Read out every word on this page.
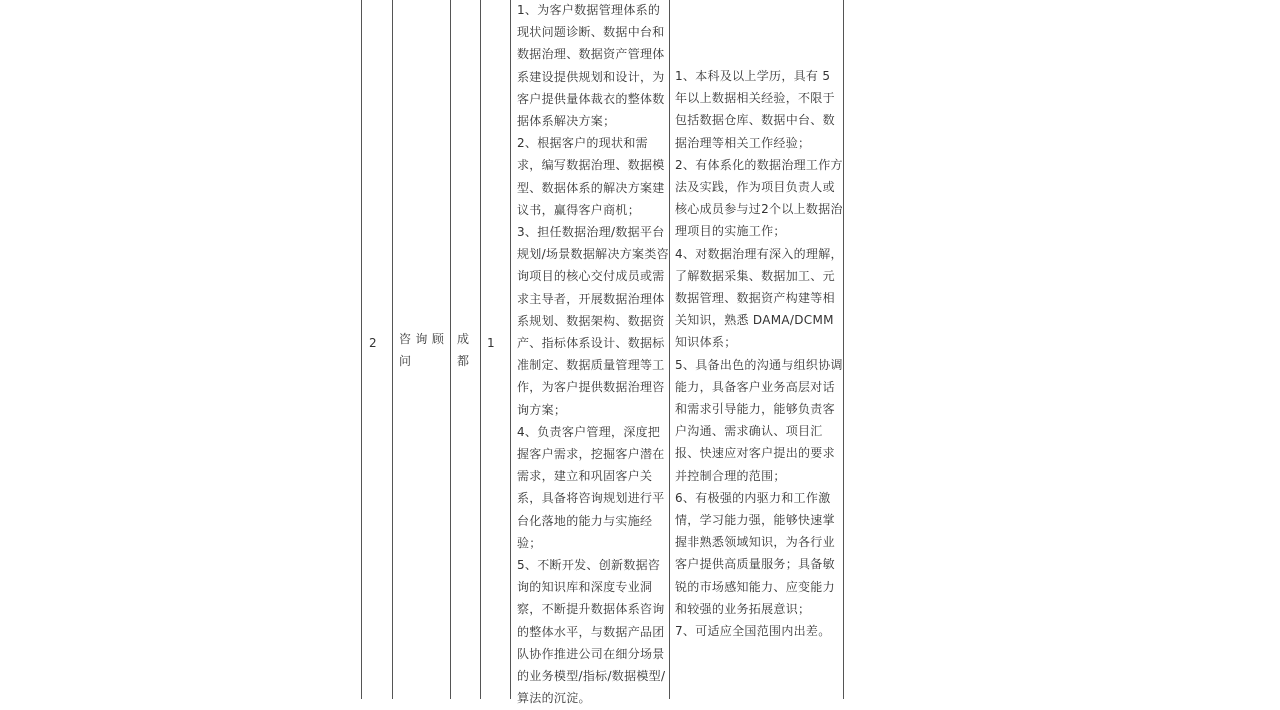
2	咨 询 顾
问
成
都
1
1、为客户数据管理体系的
现状问题诊断、数据中台和
数据治理、数据资产管理体
系建设提供规划和设计，为
客户提供量体裁衣的整体数
据体系解决方案；
2、根据客户的现状和需
求，编写数据治理、数据模
型、数据体系的解决方案建
议书，赢得客户商机；
3、担任数据治理/数据平台
规划/场景数据解决方案类咨
询项目的核心交付成员或需
求主导者，开展数据治理体
系规划、数据架构、数据资
产、指标体系设计、数据标
准制定、数据质量管理等工
作，为客户提供数据治理咨
询方案；
4、负责客户管理，深度把
握客户需求，挖掘客户潜在
需求，建立和巩固客户关
系，具备将咨询规划进行平
台化落地的能力与实施经
验；
5、不断开发、创新数据咨
询的知识库和深度专业洞
察，不断提升数据体系咨询
的整体水平，与数据产品团
队协作推进公司在细分场景
的业务模型/指标/数据模型/
算法的沉淀。
1、本科及以上学历，具有 5
年以上数据相关经验，不限于
包括数据仓库、数据中台、数
据治理等相关工作经验；
2、有体系化的数据治理工作方
法及实践，作为项目负责人或
核心成员参与过2个以上数据治
理项目的实施工作；
4、对数据治理有深入的理解，
了解数据采集、数据加工、元
数据管理、数据资产构建等相
关知识，熟悉 DAMA/DCMM
知识体系；
5、具备出色的沟通与组织协调
能力，具备客户业务高层对话
和需求引导能力，能够负责客
户沟通、需求确认、项目汇
报、快速应对客户提出的要求
并控制合理的范围；
6、有极强的内驱力和工作激
情，学习能力强，能够快速掌
握非熟悉领域知识，为各行业
客户提供高质量服务；具备敏
锐的市场感知能力、应变能力
和较强的业务拓展意识；
7、可适应全国范围内出差。
